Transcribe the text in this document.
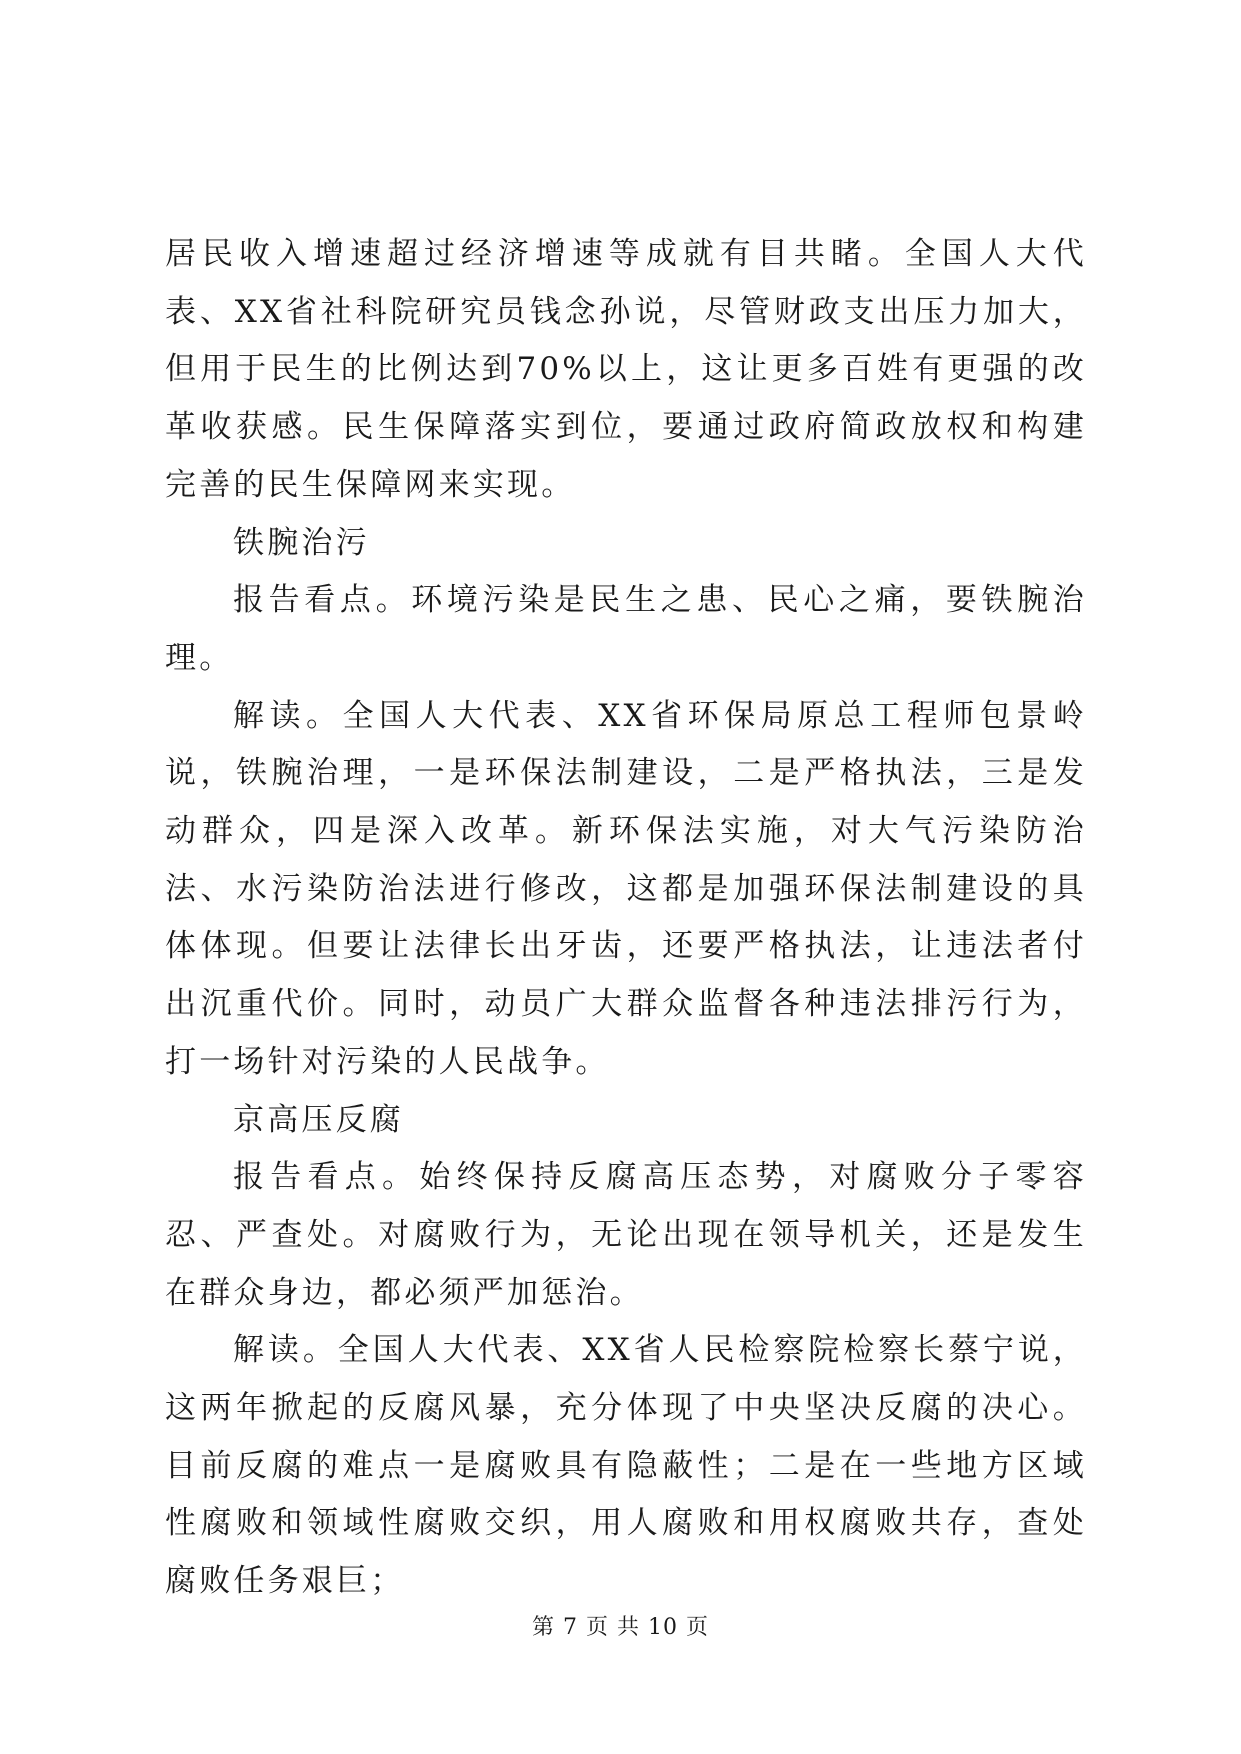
居民收入增速超过经济增速等成就有目共睹。全国人大代表、XX省社科院研究员钱念孙说，尽管财政支出压力加大，但用于民生的比例达到70%以上，这让更多百姓有更强的改革收获感。民生保障落实到位，要通过政府简政放权和构建完善的民生保障网来实现。

铁腕治污

报告看点。环境污染是民生之患、民心之痛，要铁腕治理。

解读。全国人大代表、XX省环保局原总工程师包景岭说，铁腕治理，一是环保法制建设，二是严格执法，三是发动群众，四是深入改革。新环保法实施，对大气污染防治法、水污染防治法进行修改，这都是加强环保法制建设的具体体现。但要让法律长出牙齿，还要严格执法，让违法者付出沉重代价。同时，动员广大群众监督各种违法排污行为，打一场针对污染的人民战争。

京高压反腐

报告看点。始终保持反腐高压态势，对腐败分子零容忍、严查处。对腐败行为，无论出现在领导机关，还是发生在群众身边，都必须严加惩治。

解读。全国人大代表、XX省人民检察院检察长蔡宁说，这两年掀起的反腐风暴，充分体现了中央坚决反腐的决心。目前反腐的难点一是腐败具有隐蔽性；二是在一些地方区域性腐败和领域性腐败交织，用人腐败和用权腐败共存，查处腐败任务艰巨；

第 7 页 共 10 页
